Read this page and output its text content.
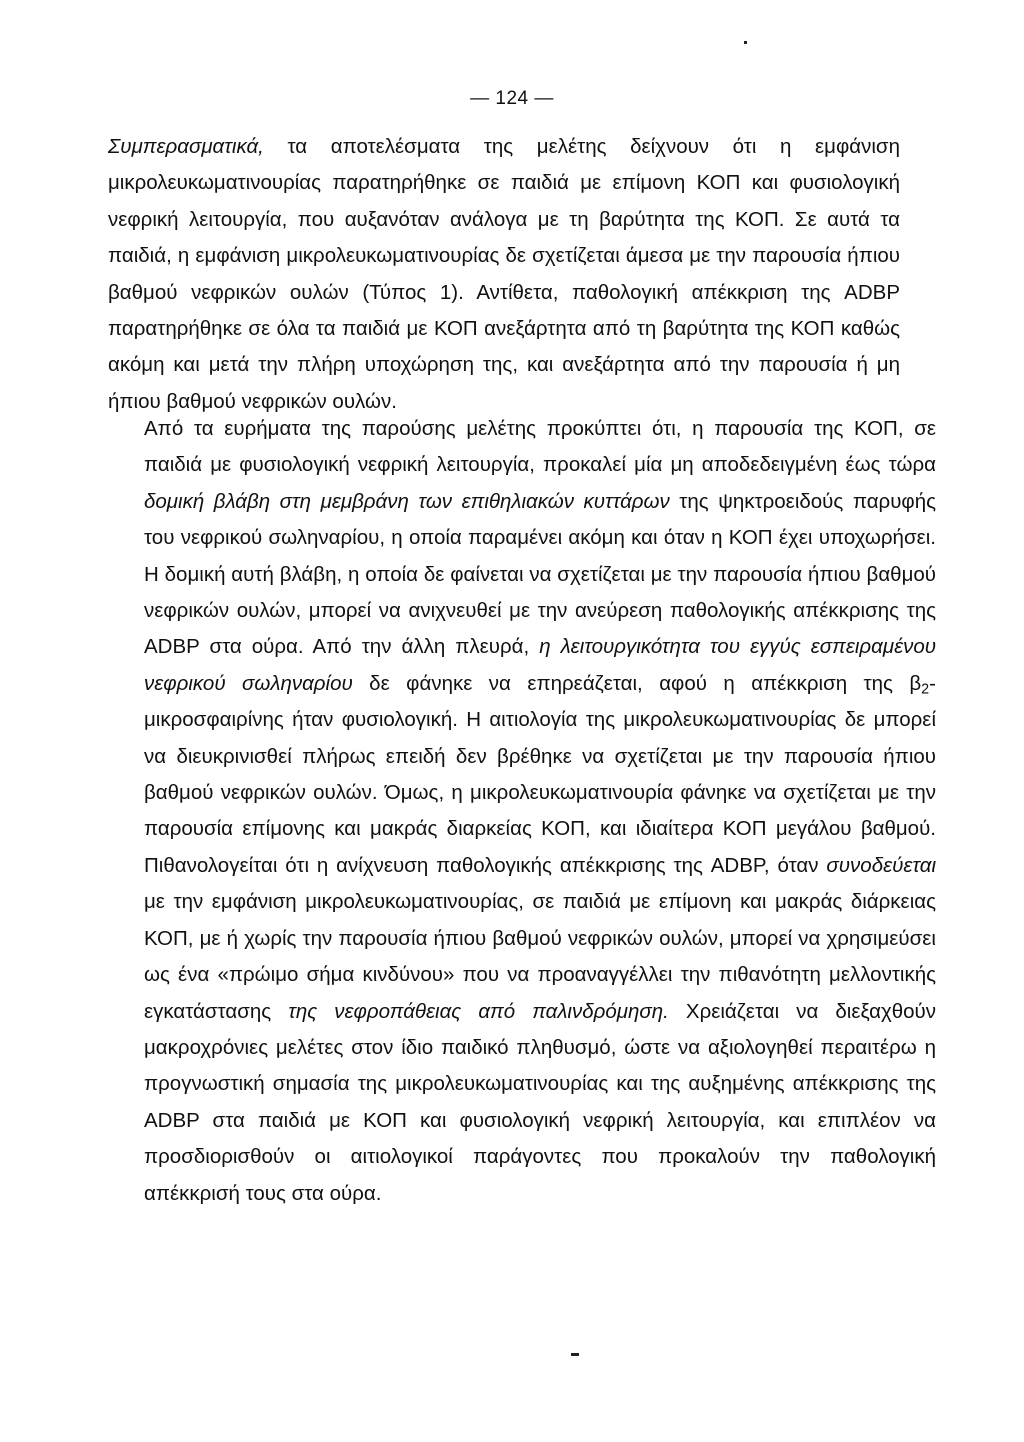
— 124 —

Συμπερασματικά, τα αποτελέσματα της μελέτης δείχνουν ότι η εμφάνιση μικρολευκωματινουρίας παρατηρήθηκε σε παιδιά με επίμονη ΚΟΠ και φυσιολογική νεφρική λειτουργία, που αυξανόταν ανάλογα με τη βαρύτητα της ΚΟΠ. Σε αυτά τα παιδιά, η εμφάνιση μικρολευκωματινουρίας δε σχετίζεται άμεσα με την παρουσία ήπιου βαθμού νεφρικών ουλών (Τύπος 1). Αντίθετα, παθολογική απέκκριση της ADBP παρατηρήθηκε σε όλα τα παιδιά με ΚΟΠ ανεξάρτητα από τη βαρύτητα της ΚΟΠ καθώς ακόμη και μετά την πλήρη υποχώρηση της, και ανεξάρτητα από την παρουσία ή μη ήπιου βαθμού νεφρικών ουλών.

Από τα ευρήματα της παρούσης μελέτης προκύπτει ότι, η παρουσία της ΚΟΠ, σε παιδιά με φυσιολογική νεφρική λειτουργία, προκαλεί μία μη αποδεδειγμένη έως τώρα δομική βλάβη στη μεμβράνη των επιθηλιακών κυττάρων της ψηκτροειδούς παρυφής του νεφρικού σωληναρίου, η οποία παραμένει ακόμη και όταν η ΚΟΠ έχει υποχωρήσει. Η δομική αυτή βλάβη, η οποία δε φαίνεται να σχετίζεται με την παρουσία ήπιου βαθμού νεφρικών ουλών, μπορεί να ανιχνευθεί με την ανεύρεση παθολογικής απέκκρισης της ADBP στα ούρα. Από την άλλη πλευρά, η λειτουργικότητα του εγγύς εσπειραμένου νεφρικού σωληναρίου δε φάνηκε να επηρεάζεται, αφού η απέκκριση της $\beta_2$-μικροσφαιρίνης ήταν φυσιολογική. Η αιτιολογία της μικρολευκωματινουρίας δε μπορεί να διευκρινισθεί πλήρως επειδή δεν βρέθηκε να σχετίζεται με την παρουσία ήπιου βαθμού νεφρικών ουλών. Όμως, η μικρολευκωματινουρία φάνηκε να σχετίζεται με την παρουσία επίμονης και μακράς διαρκείας ΚΟΠ, και ιδιαίτερα ΚΟΠ μεγάλου βαθμού. Πιθανολογείται ότι η ανίχνευση παθολογικής απέκκρισης της ADBP, όταν συνοδεύεται με την εμφάνιση μικρολευκωματινουρίας, σε παιδιά με επίμονη και μακράς διάρκειας ΚΟΠ, με ή χωρίς την παρουσία ήπιου βαθμού νεφρικών ουλών, μπορεί να χρησιμεύσει ως ένα «πρώιμο σήμα κινδύνου» που να προαναγγέλλει την πιθανότητη μελλοντικής εγκατάστασης της νεφροπάθειας από παλινδρόμηση. Χρειάζεται να διεξαχθούν μακροχρόνιες μελέτες στον ίδιο παιδικό πληθυσμό, ώστε να αξιολογηθεί περαιτέρω η προγνωστική σημασία της μικρολευκωματινουρίας και της αυξημένης απέκκρισης της ADBP στα παιδιά με ΚΟΠ και φυσιολογική νεφρική λειτουργία, και επιπλέον να προσδιορισθούν οι αιτιολογικοί παράγοντες που προκαλούν την παθολογική απέκκρισή τους στα ούρα.
